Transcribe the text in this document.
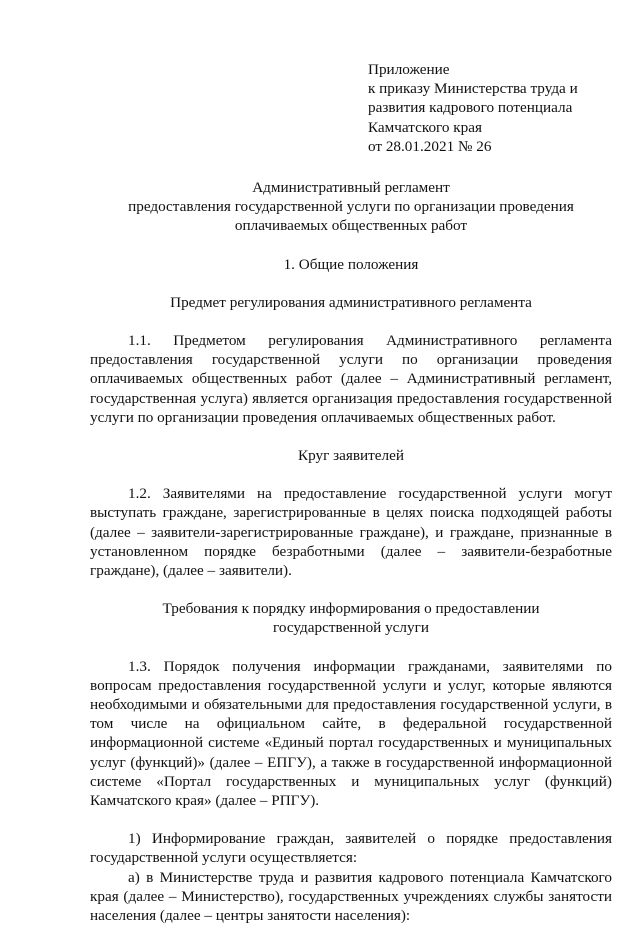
Приложение
к приказу Министерства труда и
развития кадрового потенциала
Камчатского края
от 28.01.2021 № 26
Административный регламент
предоставления государственной услуги по организации проведения
оплачиваемых общественных работ
1. Общие положения
Предмет регулирования административного регламента

1.1. Предметом регулирования Административного регламента предоставления государственной услуги по организации проведения оплачиваемых общественных работ (далее – Административный регламент, государственная услуга) является организация предоставления государственной услуги по организации проведения оплачиваемых общественных работ.

Круг заявителей

1.2. Заявителями на предоставление государственной услуги могут выступать граждане, зарегистрированные в целях поиска подходящей работы (далее – заявители-зарегистрированные граждане), и граждане, признанные в установленном порядке безработными (далее – заявители-безработные граждане), (далее – заявители).

Требования к порядку информирования о предоставлении
государственной услуги

1.3. Порядок получения информации гражданами, заявителями по вопросам предоставления государственной услуги и услуг, которые являются необходимыми и обязательными для предоставления государственной услуги, в том числе на официальном сайте, в федеральной государственной информационной системе «Единый портал государственных и муниципальных услуг (функций)» (далее – ЕПГУ), а также в государственной информационной системе «Портал государственных и муниципальных услуг (функций) Камчатского края» (далее – РПГУ).

1) Информирование граждан, заявителей о порядке предоставления государственной услуги осуществляется:

а) в Министерстве труда и развития кадрового потенциала Камчатского края (далее – Министерство), государственных учреждениях службы занятости населения (далее – центры занятости населения):
